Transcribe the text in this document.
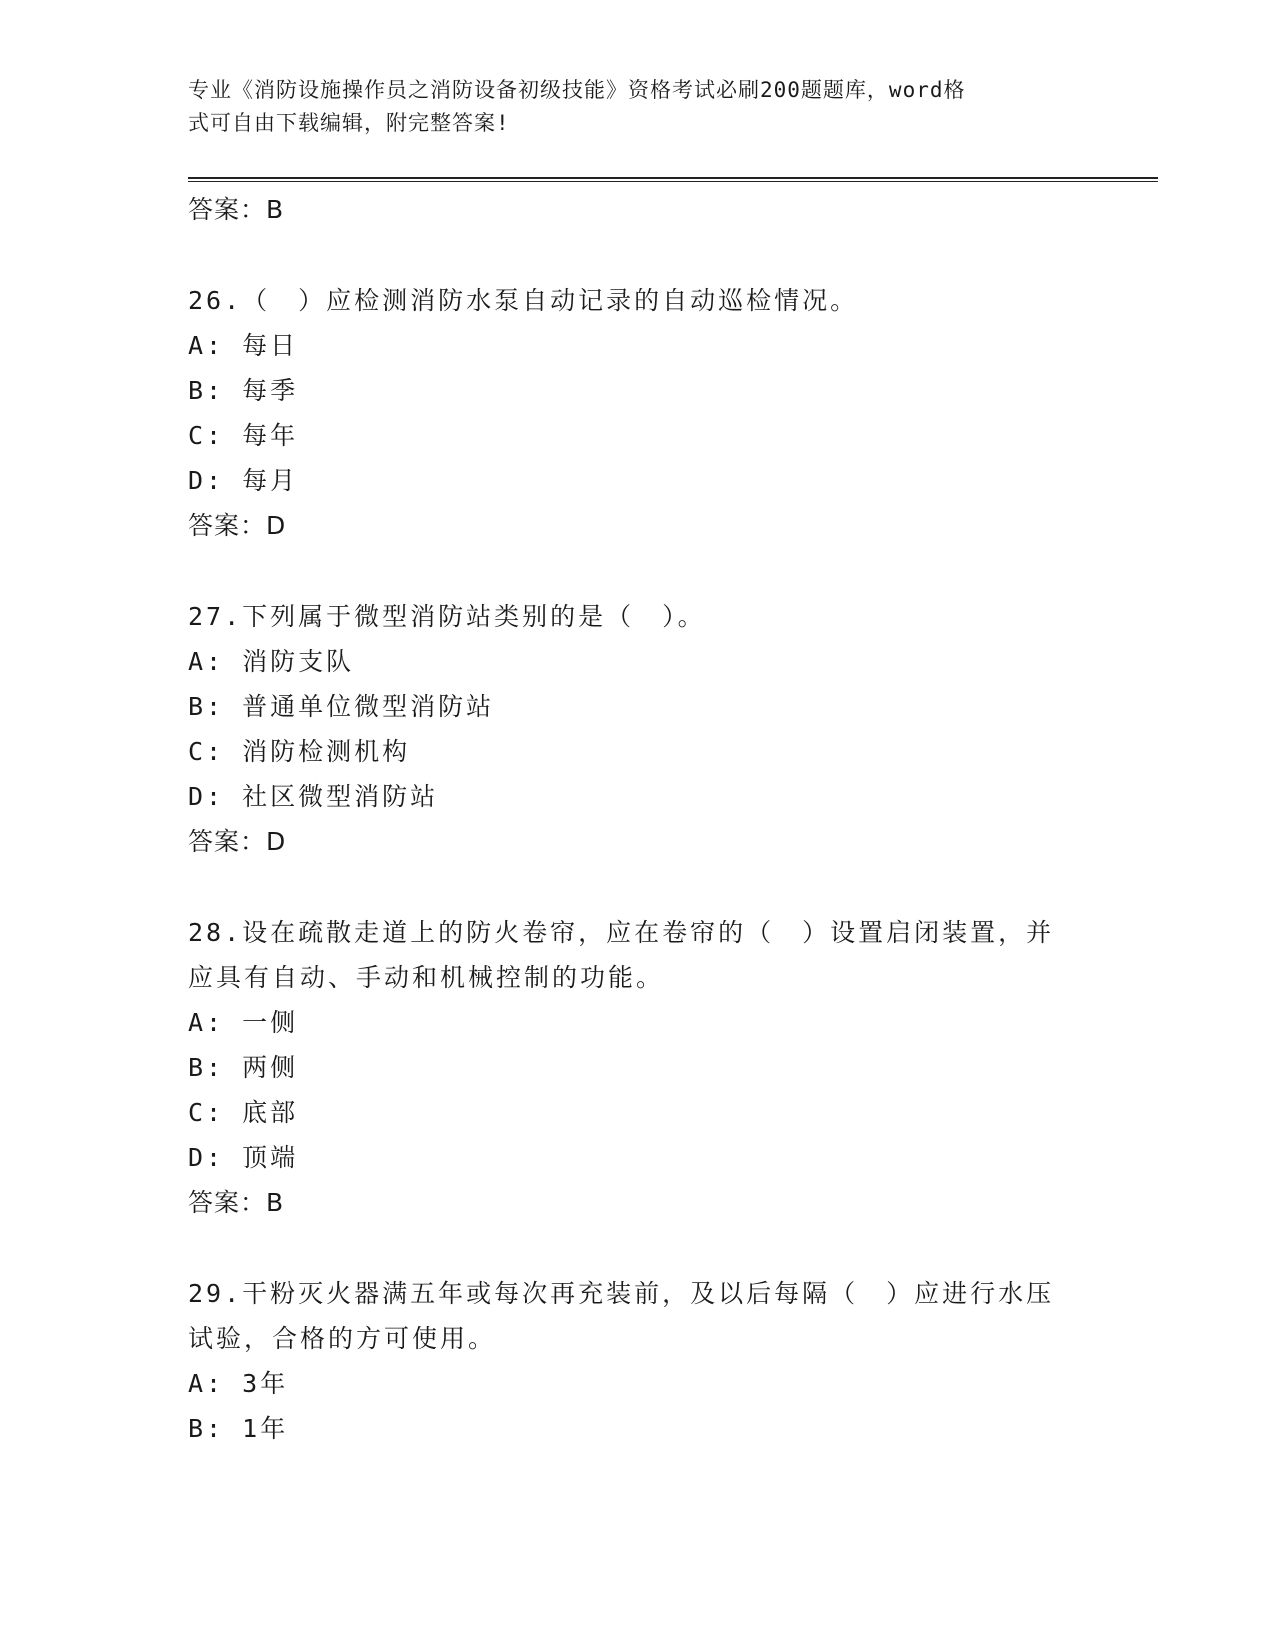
专业《消防设施操作员之消防设备初级技能》资格考试必刷200题题库，word格
式可自由下载编辑，附完整答案!
答案：B
26.（　）应检测消防水泵自动记录的自动巡检情况。
A: 每日
B: 每季
C: 每年
D: 每月
答案：D
27.下列属于微型消防站类别的是（　）。
A: 消防支队
B: 普通单位微型消防站
C: 消防检测机构
D: 社区微型消防站
答案：D
28.设在疏散走道上的防火卷帘，应在卷帘的（　）设置启闭装置，并
应具有自动、手动和机械控制的功能。
A: 一侧
B: 两侧
C: 底部
D: 顶端
答案：B
29.干粉灭火器满五年或每次再充装前，及以后每隔（　）应进行水压
试验，合格的方可使用。
A: 3年
B: 1年
